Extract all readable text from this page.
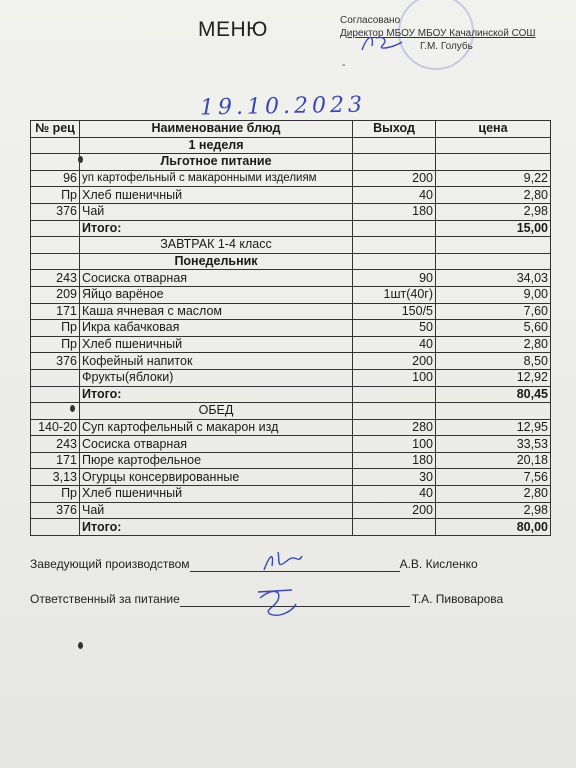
МЕНЮ	Согласовано
Директор МБОУ МБОУ Качалинской СОШ
Г.М. Голубь
-
19.10.2023
№ рец	Наименование блюд	Выход	цена
	1 неделя		
	Льготное питание		
96	уп картофельный с макаронными изделиям	200	9,22
Пр	Хлеб пшеничный	40	2,80
376	Чай	180	2,98
	Итого:		15,00
	ЗАВТРАК 1-4 класс		
	Понедельник		
243	Сосиска отварная	90	34,03
209	Яйцо варёное	1шт(40г)	9,00
171	Каша ячневая с маслом	150/5	7,60
Пр	Икра кабачковая	50	5,60
Пр	Хлеб пшеничный	40	2,80
376	Кофейный напиток	200	8,50
	Фрукты(яблоки)	100	12,92
	Итого:		80,45
	ОБЕД		
140-20	Суп картофельный с макарон изд	280	12,95
243	Сосиска отварная	100	33,53
171	Пюре картофельное	180	20,18
3,13	Огурцы консервированные	30	7,56
Пр	Хлеб пшеничный	40	2,80
376	Чай	200	2,98
	Итого:		80,00
Заведующий производством	А.В. Кисленко
Ответственный за питание	Т.А. Пивоварова
